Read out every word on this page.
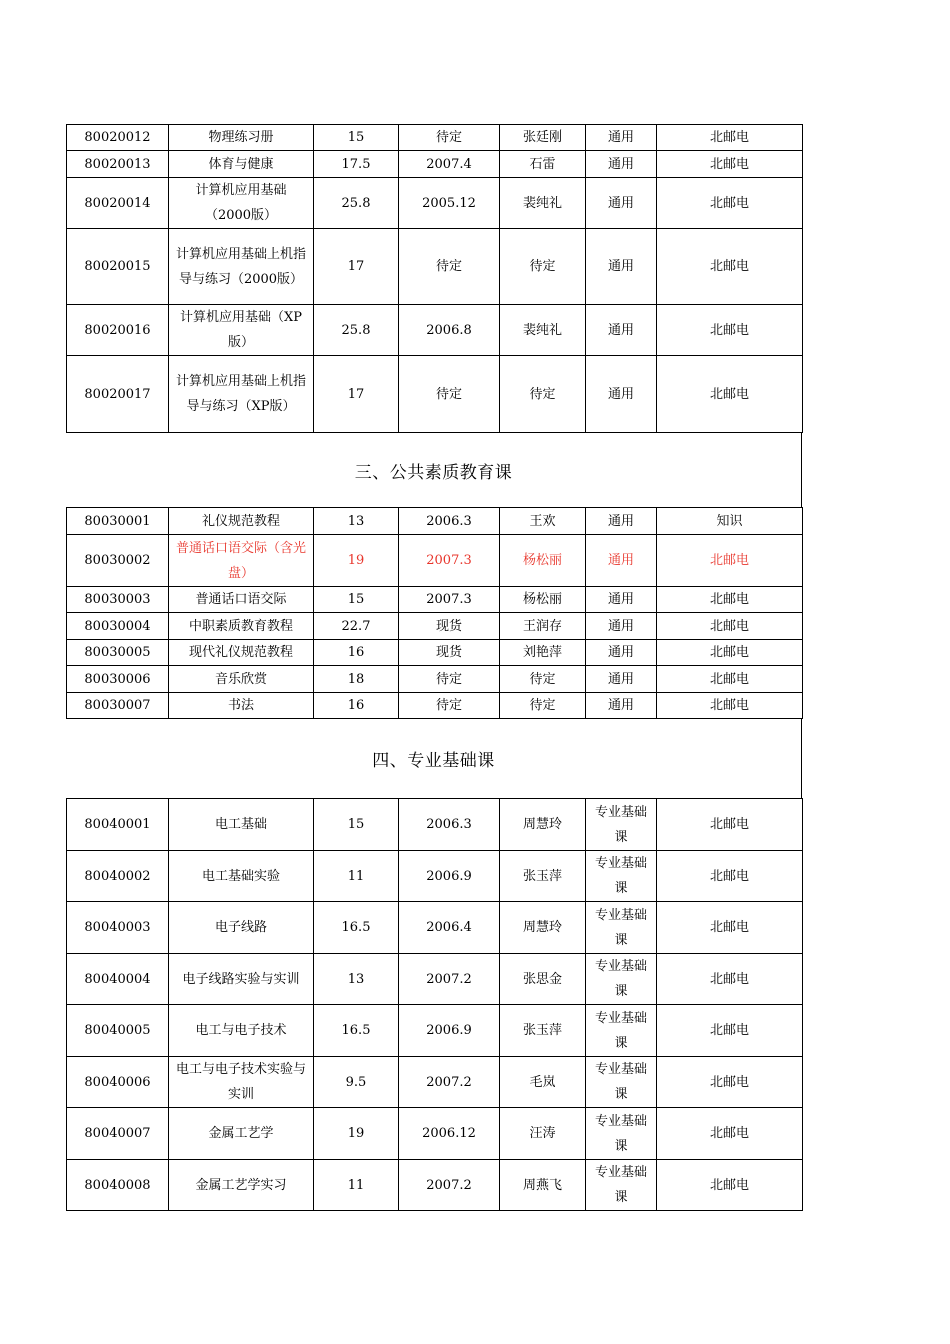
80020012	物理练习册	15	待定	张廷刚	通用	北邮电
80020013	体育与健康	17.5	2007.4	石雷	通用	北邮电
80020014	计算机应用基础（2000版）	25.8	2005.12	裴纯礼	通用	北邮电
80020015	计算机应用基础上机指导与练习（2000版）	17	待定	待定	通用	北邮电
80020016	计算机应用基础（XP版）	25.8	2006.8	裴纯礼	通用	北邮电
80020017	计算机应用基础上机指导与练习（XP版）	17	待定	待定	通用	北邮电
三、公共素质教育课
80030001	礼仪规范教程	13	2006.3	王欢	通用	知识
80030002	普通话口语交际（含光盘）	19	2007.3	杨松丽	通用	北邮电
80030003	普通话口语交际	15	2007.3	杨松丽	通用	北邮电
80030004	中职素质教育教程	22.7	现货	王润存	通用	北邮电
80030005	现代礼仪规范教程	16	现货	刘艳萍	通用	北邮电
80030006	音乐欣赏	18	待定	待定	通用	北邮电
80030007	书法	16	待定	待定	通用	北邮电
四、专业基础课
80040001	电工基础	15	2006.3	周慧玲	专业基础课	北邮电
80040002	电工基础实验	11	2006.9	张玉萍	专业基础课	北邮电
80040003	电子线路	16.5	2006.4	周慧玲	专业基础课	北邮电
80040004	电子线路实验与实训	13	2007.2	张思金	专业基础课	北邮电
80040005	电工与电子技术	16.5	2006.9	张玉萍	专业基础课	北邮电
80040006	电工与电子技术实验与实训	9.5	2007.2	毛岚	专业基础课	北邮电
80040007	金属工艺学	19	2006.12	汪涛	专业基础课	北邮电
80040008	金属工艺学实习	11	2007.2	周燕飞	专业基础课	北邮电
